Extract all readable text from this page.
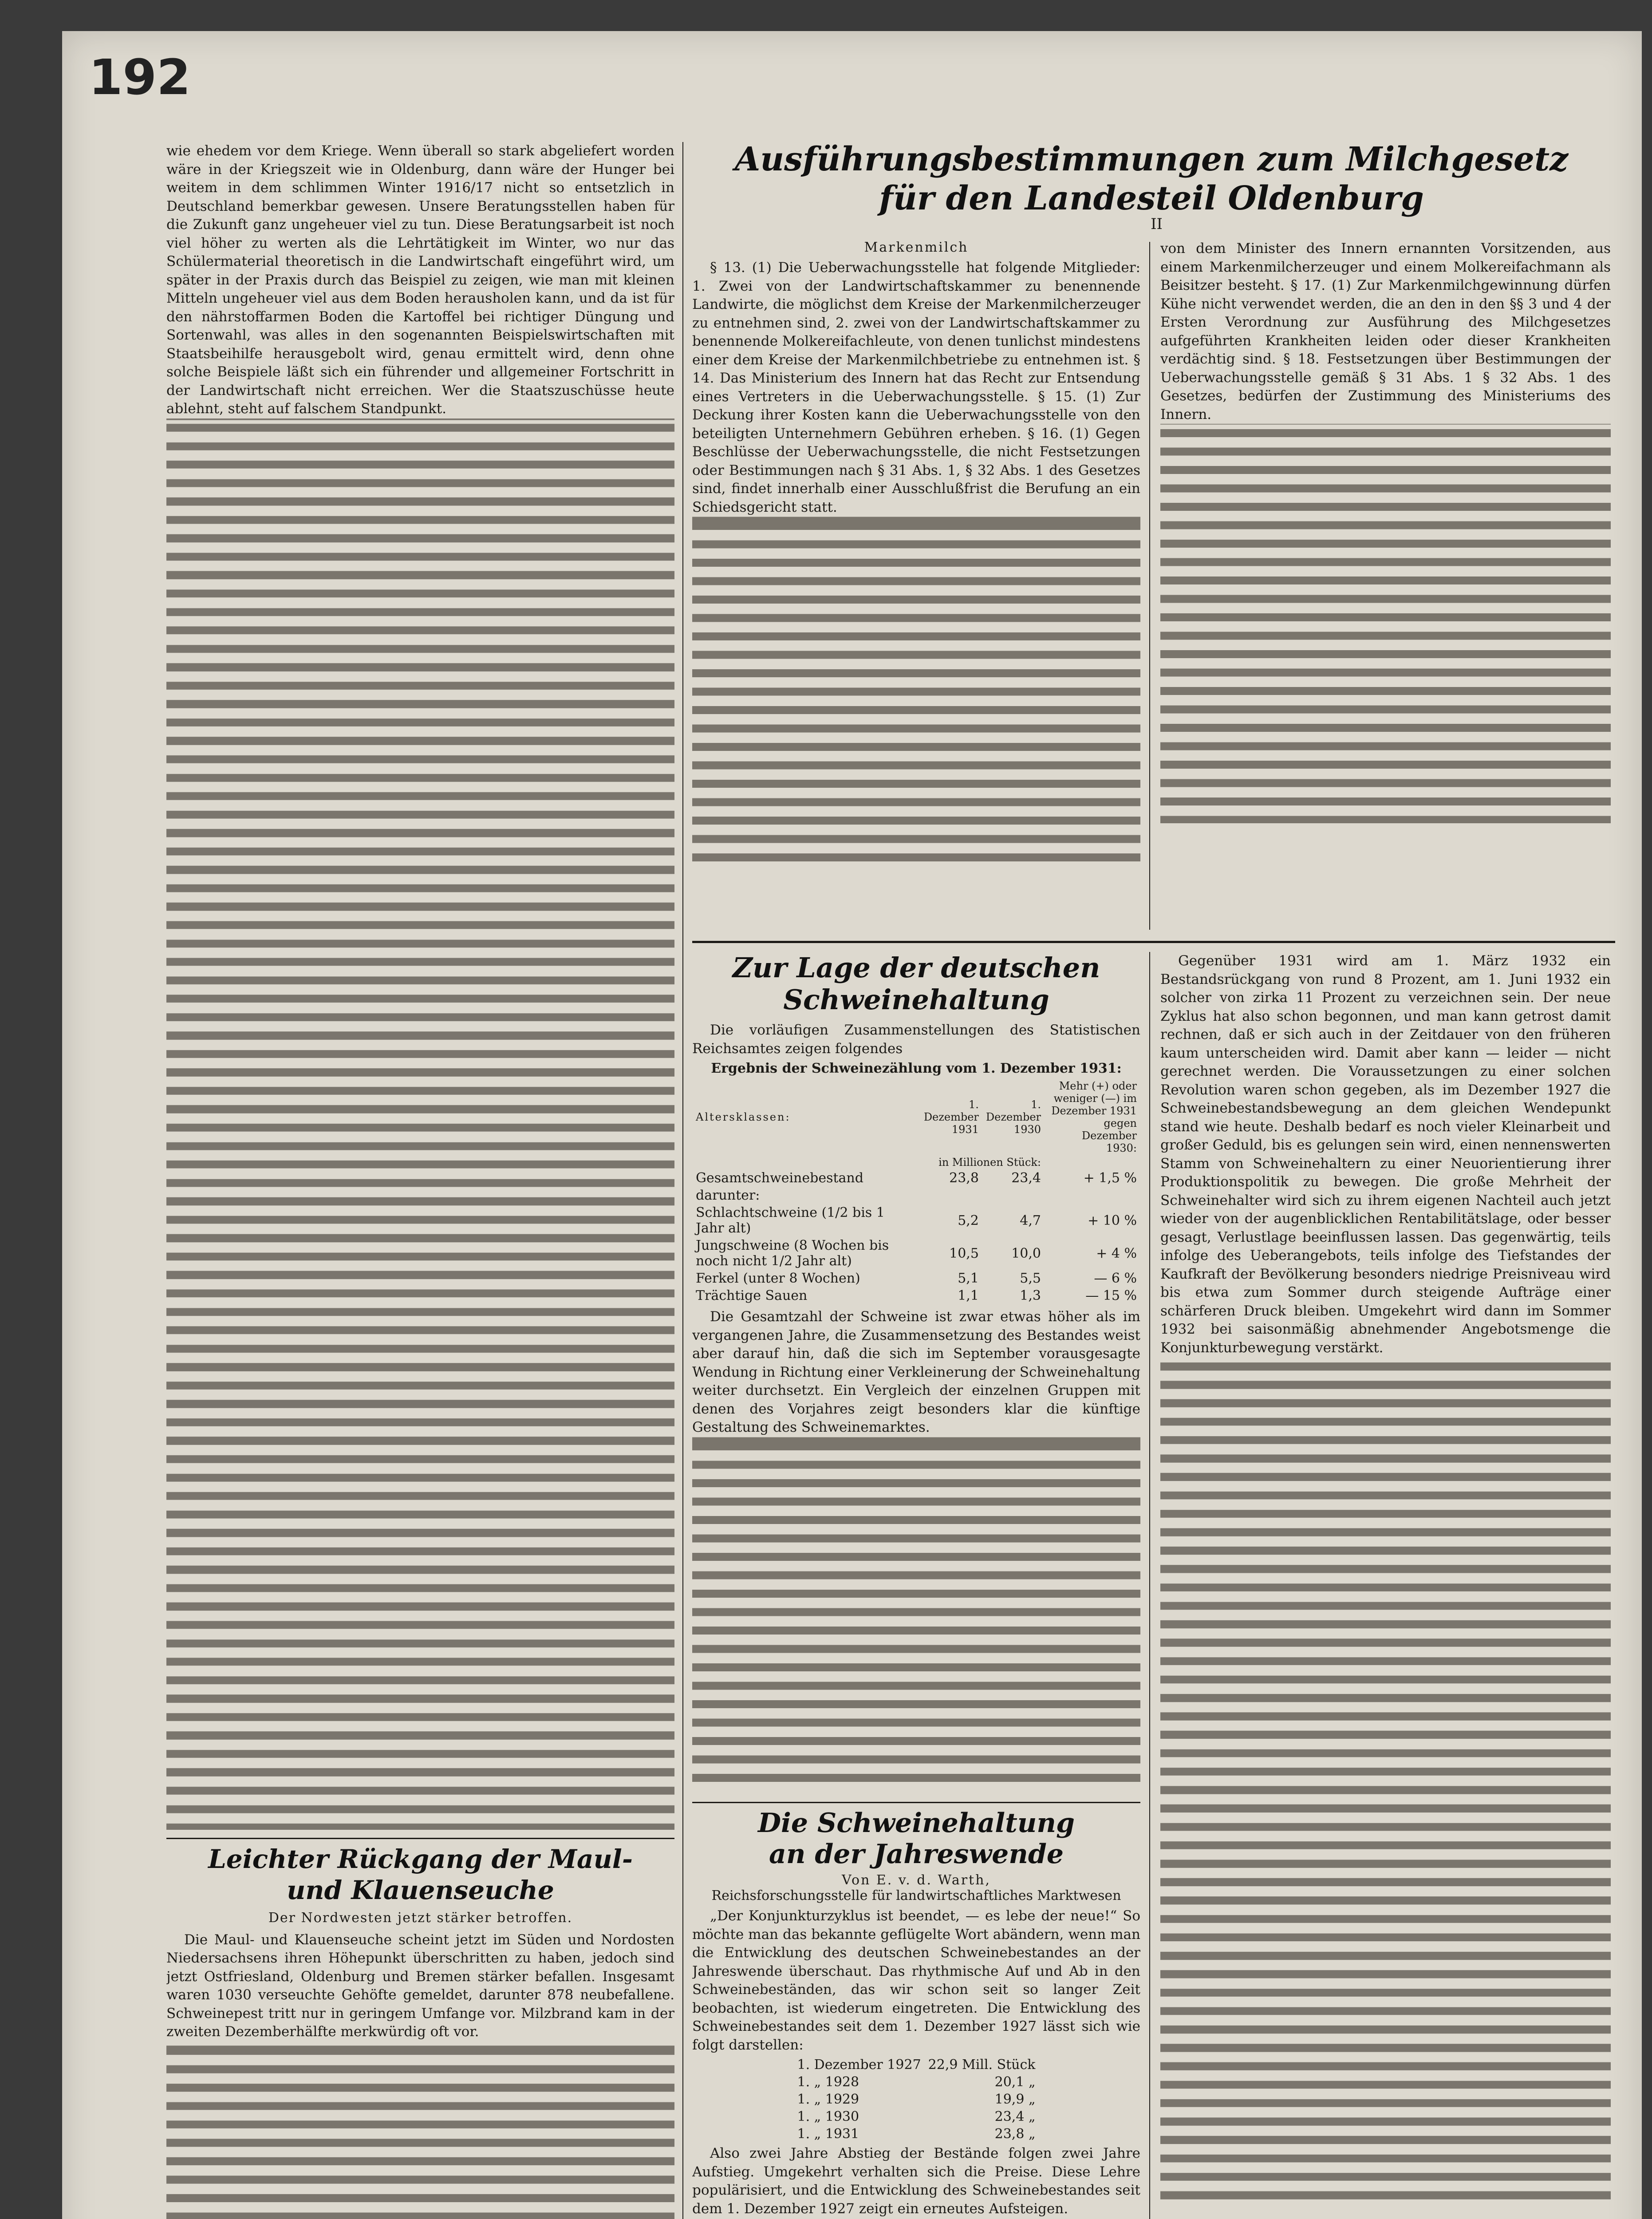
192

wie ehedem vor dem Kriege. Wenn überall so stark abgeliefert worden wäre in der Kriegszeit wie in Oldenburg, dann wäre der Hunger bei weitem in dem schlimmen Winter 1916/17 nicht so entsetzlich in Deutschland bemerkbar gewesen. Unsere Beratungsstellen haben für die Zukunft ganz ungeheuer viel zu tun. Diese Beratungsarbeit ist noch viel höher zu werten als die Lehrtätigkeit im Winter, wo nur das Schülermaterial theoretisch in die Landwirtschaft eingeführt wird, um später in der Praxis durch das Beispiel zu zeigen, wie man mit kleinen Mitteln ungeheuer viel aus dem Boden herausholen kann, und da ist für den nährstoffarmen Boden die Kartoffel bei richtiger Düngung und Sortenwahl, was alles in den sogenannten Beispielswirtschaften mit Staatsbeihilfe herausgebolt wird, genau ermittelt wird, denn ohne solche Beispiele läßt sich ein führender und allgemeiner Fortschritt in der Landwirtschaft nicht erreichen. Wer die Staatszuschüsse heute ablehnt, steht auf falschem Standpunkt.

Leichter Rückgang der Maul- und Klauenseuche

Der Nordwesten jetzt stärker betroffen.

Die Maul- und Klauenseuche scheint jetzt im Süden und Nordosten Niedersachsens ihren Höhepunkt überschritten zu haben, jedoch sind jetzt Ostfriesland, Oldenburg und Bremen stärker befallen. Insgesamt waren 1030 verseuchte Gehöfte gemeldet, darunter 878 neubefallene. Schweinepest tritt nur in geringem Umfange vor. Milzbrand kam in der zweiten Dezemberhälfte merkwürdig oft vor.

Ausführungsbestimmungen zum Milchgesetz
für den Landesteil Oldenburg

II

Markenmilch

§ 13. (1) Die Ueberwachungsstelle hat folgende Mitglieder: 1. Zwei von der Landwirtschaftskammer zu benennende Landwirte, die möglichst dem Kreise der Markenmilcherzeuger zu entnehmen sind, 2. zwei von der Landwirtschaftskammer zu benennende Molkereifachleute, von denen tunlichst mindestens einer dem Kreise der Markenmilchbetriebe zu entnehmen ist. § 14. Das Ministerium des Innern hat das Recht zur Entsendung eines Vertreters in die Ueberwachungsstelle. § 15. (1) Zur Deckung ihrer Kosten kann die Ueberwachungsstelle von den beteiligten Unternehmern Gebühren erheben. § 16. (1) Gegen Beschlüsse der Ueberwachungsstelle, die nicht Festsetzungen oder Bestimmungen nach § 31 Abs. 1, § 32 Abs. 1 des Gesetzes sind, findet innerhalb einer Ausschlußfrist die Berufung an ein Schiedsgericht statt.

von dem Minister des Innern ernannten Vorsitzenden, aus einem Markenmilcherzeuger und einem Molkereifachmann als Beisitzer besteht. § 17. (1) Zur Markenmilchgewinnung dürfen Kühe nicht verwendet werden, die an den in den §§ 3 und 4 der Ersten Verordnung zur Ausführung des Milchgesetzes aufgeführten Krankheiten leiden oder dieser Krankheiten verdächtig sind. § 18. Festsetzungen über Bestimmungen der Ueberwachungsstelle gemäß § 31 Abs. 1 § 32 Abs. 1 des Gesetzes, bedürfen der Zustimmung des Ministeriums des Innern.

Zur Lage der deutschen
Schweinehaltung

Die vorläufigen Zusammenstellungen des Statistischen Reichsamtes zeigen folgendes

Ergebnis der Schweinezählung vom 1. Dezember 1931:

Altersklassen:	1. Dezember 1931	1. Dezember 1930	Mehr (+) oder weniger (—) im Dezember 1931 gegen Dezember 1930:
	in Millionen Stück:		
Gesamtschweinebestand	23,8	23,4	+ 1,5 %
darunter:			
Schlachtschweine (1/2 bis 1 Jahr alt)	5,2	4,7	+ 10 %
Jungschweine (8 Wochen bis noch nicht 1/2 Jahr alt)	10,5	10,0	+ 4 %
Ferkel (unter 8 Wochen)	5,1	5,5	— 6 %
Trächtige Sauen	1,1	1,3	— 15 %

Die Gesamtzahl der Schweine ist zwar etwas höher als im vergangenen Jahre, die Zusammensetzung des Bestandes weist aber darauf hin, daß die sich im September vorausgesagte Wendung in Richtung einer Verkleinerung der Schweinehaltung weiter durchsetzt. Ein Vergleich der einzelnen Gruppen mit denen des Vorjahres zeigt besonders klar die künftige Gestaltung des Schweinemarktes.

Die Schweinehaltung
an der Jahreswende

Von E. v. d. Warth,

Reichsforschungsstelle für landwirtschaftliches Marktwesen

„Der Konjunkturzyklus ist beendet, — es lebe der neue!“ So möchte man das bekannte geflügelte Wort abändern, wenn man die Entwicklung des deutschen Schweinebestandes an der Jahreswende überschaut. Das rhythmische Auf und Ab in den Schweinebeständen, das wir schon seit so langer Zeit beobachten, ist wiederum eingetreten. Die Entwicklung des Schweinebestandes seit dem 1. Dezember 1927 lässt sich wie folgt darstellen:

1. Dezember 1927	22,9 Mill. Stück
1. „ 1928	20,1 „
1. „ 1929	19,9 „
1. „ 1930	23,4 „
1. „ 1931	23,8 „

Also zwei Jahre Abstieg der Bestände folgen zwei Jahre Aufstieg. Umgekehrt verhalten sich die Preise. Diese Lehre populärisiert, und die Entwicklung des Schweinebestandes seit dem 1. Dezember 1927 zeigt ein erneutes Aufsteigen.

Gegenüber 1931 wird am 1. März 1932 ein Bestandsrückgang von rund 8 Prozent, am 1. Juni 1932 ein solcher von zirka 11 Prozent zu verzeichnen sein. Der neue Zyklus hat also schon begonnen, und man kann getrost damit rechnen, daß er sich auch in der Zeitdauer von den früheren kaum unterscheiden wird. Damit aber kann — leider — nicht gerechnet werden. Die Voraussetzungen zu einer solchen Revolution waren schon gegeben, als im Dezember 1927 die Schweinebestandsbewegung an dem gleichen Wendepunkt stand wie heute. Deshalb bedarf es noch vieler Kleinarbeit und großer Geduld, bis es gelungen sein wird, einen nennenswerten Stamm von Schweinehaltern zu einer Neuorientierung ihrer Produktionspolitik zu bewegen. Die große Mehrheit der Schweinehalter wird sich zu ihrem eigenen Nachteil auch jetzt wieder von der augenblicklichen Rentabilitätslage, oder besser gesagt, Verlustlage beeinflussen lassen. Das gegenwärtig, teils infolge des Ueberangebots, teils infolge des Tiefstandes der Kaufkraft der Bevölkerung besonders niedrige Preisniveau wird bis etwa zum Sommer durch steigende Aufträge einer schärferen Druck bleiben. Umgekehrt wird dann im Sommer 1932 bei saisonmäßig abnehmender Angebotsmenge die Konjunkturbewegung verstärkt.
